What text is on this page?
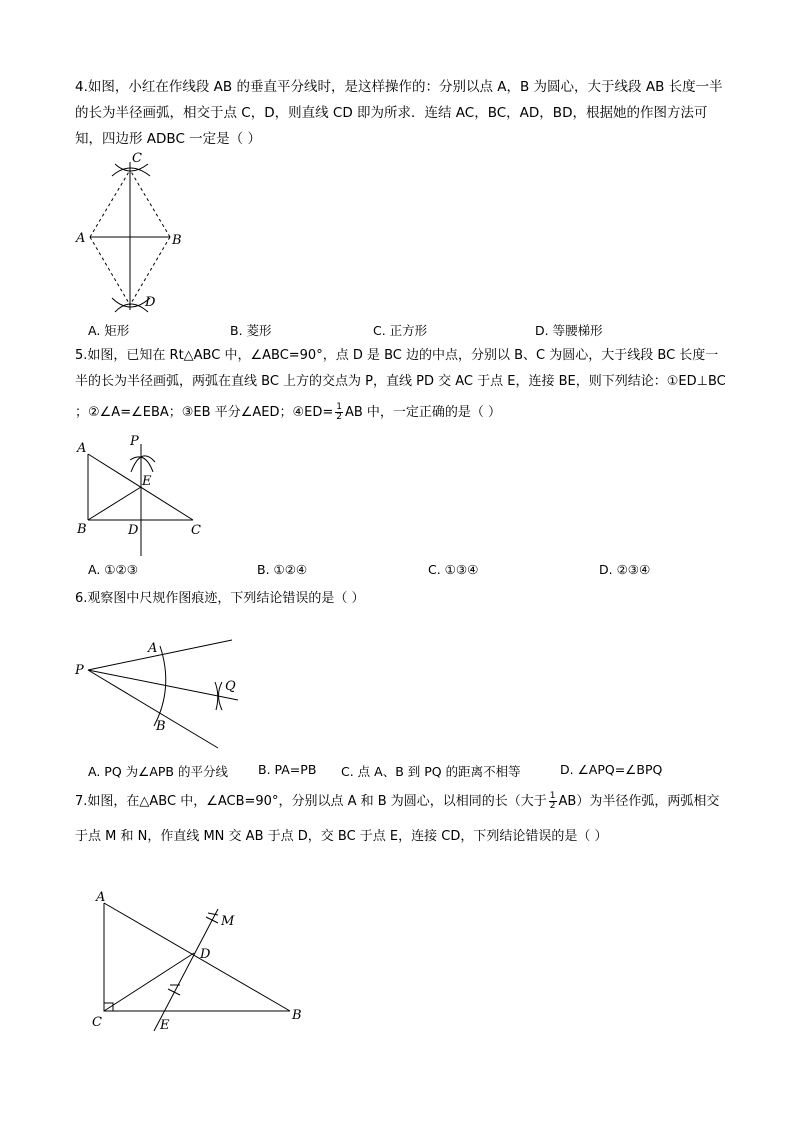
4.如图，小红在作线段 AB 的垂直平分线时，是这样操作的：分别以点 A，B 为圆心，大于线段 AB 长度一半的长为半径画弧，相交于点 C，D，则直线 CD 即为所求．连结 AC，BC，AD，BD，根据她的作图方法可知，四边形 ADBC 一定是（ ）
C
A	B
D
A. 矩形	B. 菱形	C. 正方形	D. 等腰梯形
5.如图，已知在 Rt△ABC 中，∠ABC=90°，点 D 是 BC 边的中点，分别以 B、C 为圆心，大于线段 BC 长度一
半的长为半径画弧，两弧在直线 BC 上方的交点为 P，直线 PD 交 AC 于点 E，连接 BE，则下列结论：①ED⊥BC
；②∠A=∠EBA；③EB 平分∠AED；④ED= $\frac{1}{2}$ AB 中，一定正确的是（ ）
A	P
E
B	D	C
A. ①②③	B. ①②④	C. ①③④	D. ②③④
6.观察图中尺规作图痕迹，下列结论错误的是（ ）
P
A
Q
B
A. PQ 为∠APB 的平分线 B. PA=PB C. 点 A、B 到 PQ 的距离不相等	D. ∠APQ=∠BPQ
7.如图，在△ABC 中，∠ACB=90°，分别以点 A 和 B 为圆心，以相同的长（大于 $\frac{1}{2} AB$）为半径作弧，两弧相交
于点 M 和 N，作直线 MN 交 AB 于点 D，交 BC 于点 E，连接 CD，下列结论错误的是（ ）
A
M
D
C	E
B
